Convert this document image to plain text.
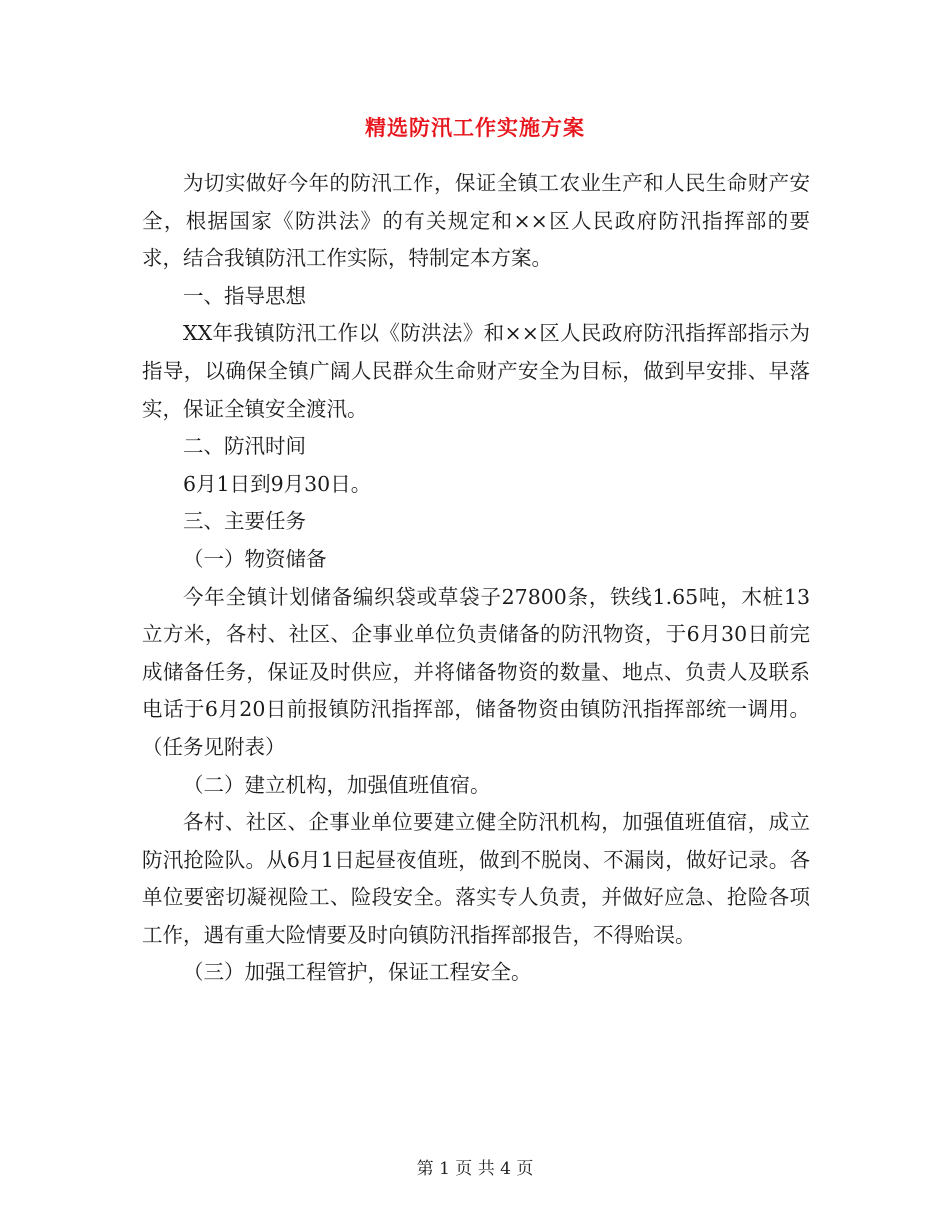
精选防汛工作实施方案

为切实做好今年的防汛工作，保证全镇工农业生产和人民生命财产安全，根据国家《防洪法》的有关规定和××区人民政府防汛指挥部的要求，结合我镇防汛工作实际，特制定本方案。

一、指导思想

XX年我镇防汛工作以《防洪法》和××区人民政府防汛指挥部指示为指导，以确保全镇广阔人民群众生命财产安全为目标，做到早安排、早落实，保证全镇安全渡汛。

二、防汛时间

6月1日到9月30日。

三、主要任务

（一）物资储备

今年全镇计划储备编织袋或草袋子27800条，铁线1.65吨，木桩13立方米，各村、社区、企事业单位负责储备的防汛物资，于6月30日前完成储备任务，保证及时供应，并将储备物资的数量、地点、负责人及联系电话于6月20日前报镇防汛指挥部，储备物资由镇防汛指挥部统一调用。（任务见附表）

（二）建立机构，加强值班值宿。

各村、社区、企事业单位要建立健全防汛机构，加强值班值宿，成立防汛抢险队。从6月1日起昼夜值班，做到不脱岗、不漏岗，做好记录。各单位要密切凝视险工、险段安全。落实专人负责，并做好应急、抢险各项工作，遇有重大险情要及时向镇防汛指挥部报告，不得贻误。

（三）加强工程管护，保证工程安全。

第 1 页 共 4 页
